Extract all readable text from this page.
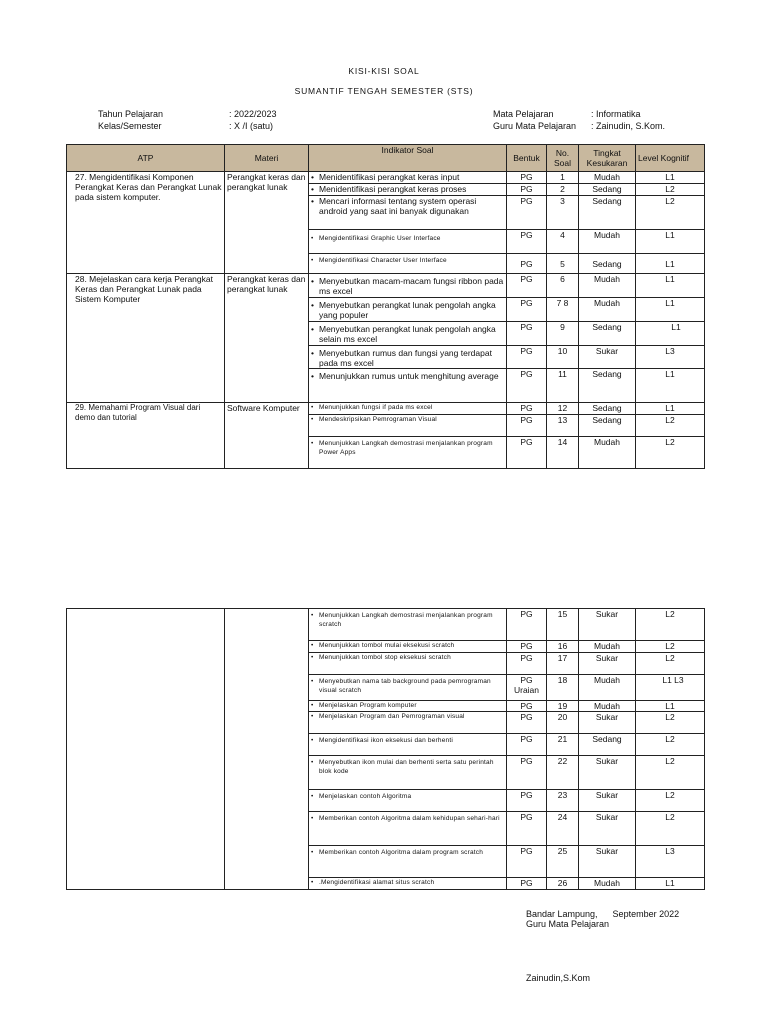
KISI-KISI SOAL
SUMANTIF TENGAH SEMESTER (STS)
Tahun Pelajaran	: 2022/2023
Kelas/Semester	: X /I (satu)
Mata Pelajaran	: Informatika
Guru Mata Pelajaran : Zainudin, S.Kom.
ATP	Materi	Indikator Soal	Bentuk	No. Soal	Tingkat Kesukaran	Level Kognitif
27. Mengidentifikasi Komponen Perangkat Keras dan Perangkat Lunak pada sistem komputer.	Perangkat keras dan perangkat lunak	• Menidentifikasi perangkat keras input	PG	1	Mudah	L1

		• Menidentifikasi perangkat keras proses	PG	2	Sedang	L2

		• Mencari informasi tentang system operasi android yang saat ini banyak digunakan	PG	3	Sedang	L2

		• Mengidentifikasi Graphic User Interface	PG	4	Mudah	L1

		• Mengidentifikasi Character User Interface	PG	5	Sedang	L1
28. Mejelaskan cara kerja Perangkat Keras dan Perangkat Lunak pada Sistem Komputer	Perangkat keras dan perangkat lunak	• Menyebutkan macam-macam fungsi ribbon pada ms excel	PG	6	Mudah	L1

		• Menyebutkan perangkat lunak pengolah angka yang populer	PG	7 8	Mudah	L1

		• Menyebutkan perangkat lunak pengolah angka selain ms excel	PG	9	Sedang	L1

		• Menyebutkan rumus dan fungsi yang terdapat pada ms excel	PG	10	Sukar	L3

		• Menunjukkan rumus untuk menghitung average	PG	11	Sedang	L1
29. Memahami Program Visual dari demo dan tutorial	Software Komputer	• Menunjukkan fungsi if pada ms excel	PG	12	Sedang	L1

		• Mendeskripsikan Pemrograman Visual	PG	13	Sedang	L2

		• Menunjukkan Langkah demostrasi menjalankan program Power Apps	PG	14	Mudah	L2

		• Menunjukkan Langkah demostrasi menjalankan program scratch	PG	15	Sukar	L2

		• Menunjukkan tombol mulai eksekusi scratch	PG	16	Mudah	L2

		• Menunjukkan tombol stop eksekusi scratch	PG	17	Sukar	L2

		• Menyebutkan nama tab background pada pemrograman visual scratch	PG Uraian	18	Mudah	L1 L3

		• Menjelaskan Program komputer	PG	19	Mudah	L1

		• Menjelaskan Program dan Pemrograman visual	PG	20	Sukar	L2

		• Mengidentifikasi ikon eksekusi dan berhenti	PG	21	Sedang	L2

		• Menyebutkan ikon mulai dan berhenti serta satu perintah blok kode	PG	22	Sukar	L2

		• Menjelaskan contoh Algoritma	PG	23	Sukar	L2

		• Memberikan contoh Algoritma dalam kehidupan sehari-hari	PG	24	Sukar	L2

		• Memberikan contoh Algoritma dalam program scratch	PG	25	Sukar	L3

		• .Mengidentifikasi alamat situs scratch	PG	26	Mudah	L1
Bandar Lampung,      September 2022
Guru Mata Pelajaran
Zainudin,S.Kom
